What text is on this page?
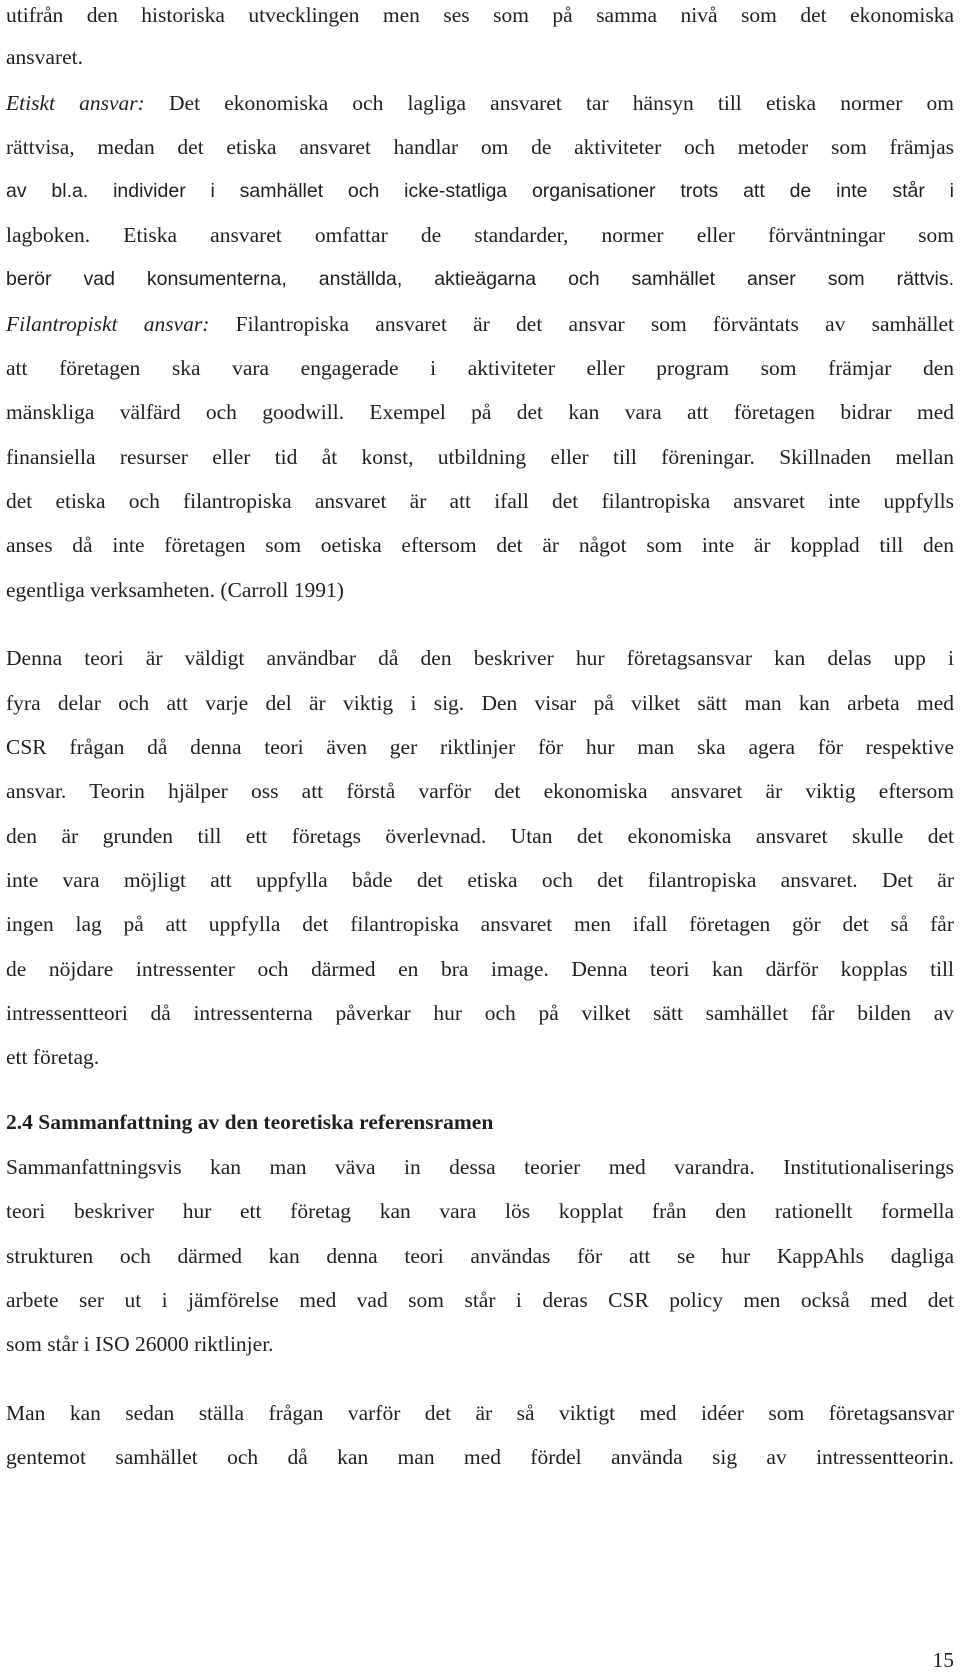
utifrån den historiska utvecklingen men ses som på samma nivå som det ekonomiska
ansvaret.
Etiskt ansvar: Det ekonomiska och lagliga ansvaret tar hänsyn till etiska normer om
rättvisa, medan det etiska ansvaret handlar om de aktiviteter och metoder som främjas
av bl.a. individer i samhället och icke-statliga organisationer trots att de inte står i
lagboken. Etiska ansvaret omfattar de standarder, normer eller förväntningar som
berör vad konsumenterna, anställda, aktieägarna och samhället anser som rättvis.
Filantropiskt ansvar: Filantropiska ansvaret är det ansvar som förväntats av samhället
att företagen ska vara engagerade i aktiviteter eller program som främjar den
mänskliga välfärd och goodwill. Exempel på det kan vara att företagen bidrar med
finansiella resurser eller tid åt konst, utbildning eller till föreningar. Skillnaden mellan
det etiska och filantropiska ansvaret är att ifall det filantropiska ansvaret inte uppfylls
anses då inte företagen som oetiska eftersom det är något som inte är kopplad till den
egentliga verksamheten. (Carroll 1991)
Denna teori är väldigt användbar då den beskriver hur företagsansvar kan delas upp i
fyra delar och att varje del är viktig i sig. Den visar på vilket sätt man kan arbeta med
CSR frågan då denna teori även ger riktlinjer för hur man ska agera för respektive
ansvar. Teorin hjälper oss att förstå varför det ekonomiska ansvaret är viktig eftersom
den är grunden till ett företags överlevnad. Utan det ekonomiska ansvaret skulle det
inte vara möjligt att uppfylla både det etiska och det filantropiska ansvaret. Det är
ingen lag på att uppfylla det filantropiska ansvaret men ifall företagen gör det så får
de nöjdare intressenter och därmed en bra image. Denna teori kan därför kopplas till
intressentteori då intressenterna påverkar hur och på vilket sätt samhället får bilden av
ett företag.
2.4 Sammanfattning av den teoretiska referensramen
Sammanfattningsvis kan man väva in dessa teorier med varandra. Institutionaliserings
teori beskriver hur ett företag kan vara lös kopplat från den rationellt formella
strukturen och därmed kan denna teori användas för att se hur KappAhls dagliga
arbete ser ut i jämförelse med vad som står i deras CSR policy men också med det
som står i ISO 26000 riktlinjer.
Man kan sedan ställa frågan varför det är så viktigt med idéer som företagsansvar
gentemot samhället och då kan man med fördel använda sig av intressentteorin.
15
